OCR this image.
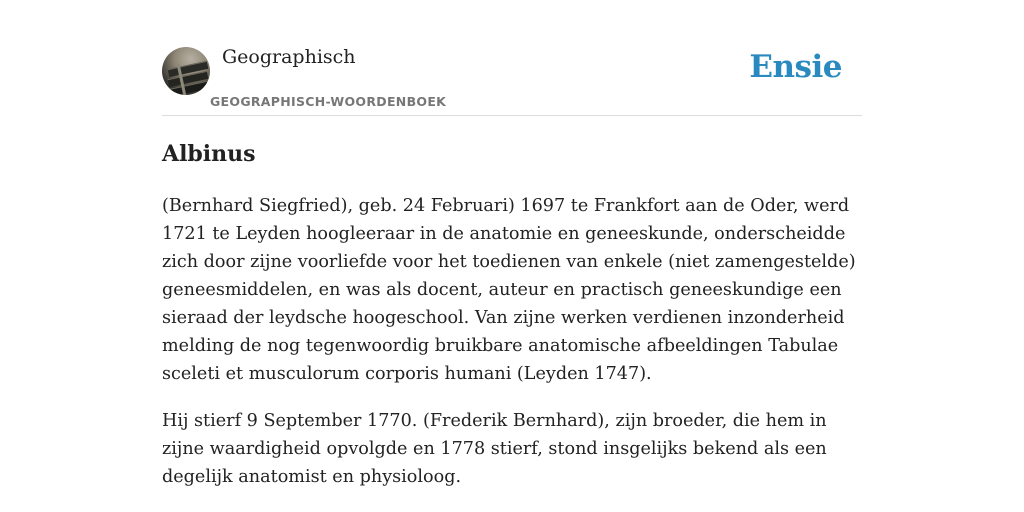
Geographisch
GEOGRAPHISCH-WOORDENBOEK
Ensie
Albinus

(Bernhard Siegfried), geb. 24 Februari) 1697 te Frankfort aan de Oder, werd 1721 te Leyden hoogleeraar in de anatomie en geneeskunde, onderscheidde zich door zijne voorliefde voor het toedienen van enkele (niet zamengestelde) geneesmiddelen, en was als docent, auteur en practisch geneeskundige een sieraad der leydsche hoogeschool. Van zijne werken verdienen inzonderheid melding de nog tegenwoordig bruikbare anatomische afbeeldingen Tabulae sceleti et musculorum corporis humani (Leyden 1747).

Hij stierf 9 September 1770. (Frederik Bernhard), zijn broeder, die hem in zijne waardigheid opvolgde en 1778 stierf, stond insgelijks bekend als een degelijk anatomist en physioloog.
